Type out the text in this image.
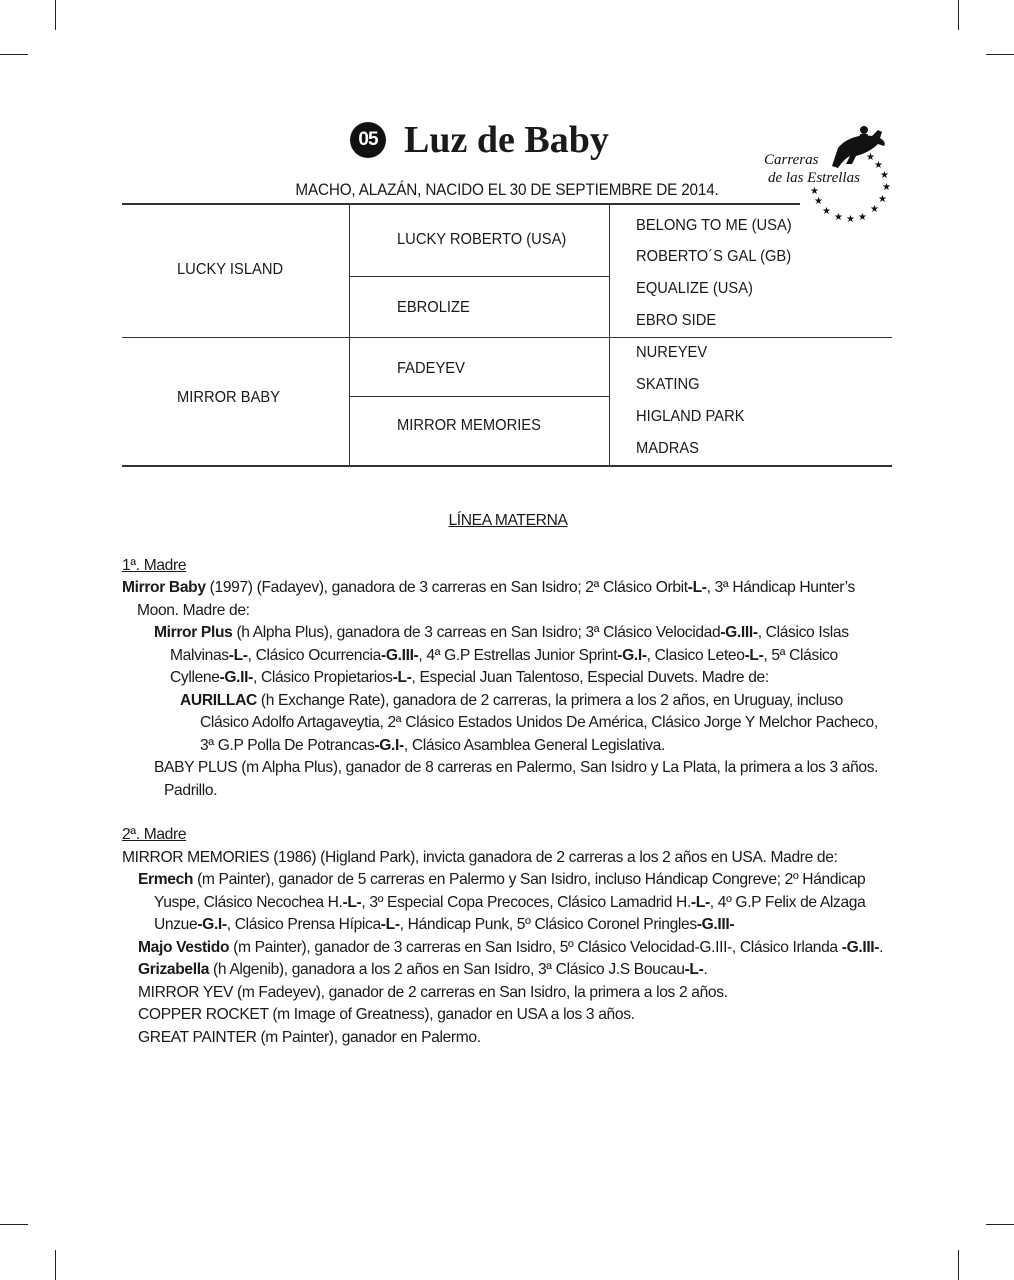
05 Luz de Baby	Carreras
de las Estrellas
★
★
★
★
★
★
★
★
★
★
★
★
MACHO, ALAZÁN, NACIDO EL 30 DE SEPTIEMBRE DE 2014.
LUCKY ISLAND
MIRROR BABY
LUCKY ROBERTO (USA)
EBROLIZE
FADEYEV
MIRROR MEMORIES
BELONG TO ME (USA)
ROBERTO´S GAL (GB)
EQUALIZE (USA)
EBRO SIDE
NUREYEV
SKATING
HIGLAND PARK
MADRAS

LÍNEA MATERNA

1ª. Madre

Mirror Baby (1997) (Fadayev), ganadora de 3 carreras en San Isidro; 2ª Clásico Orbit-L-, 3ª Hándicap Hunter’s Moon. Madre de:

Mirror Plus (h Alpha Plus), ganadora de 3 carreas en San Isidro; 3ª Clásico Velocidad-G.III-, Clásico Islas Malvinas-L-, Clásico Ocurrencia-G.III-, 4ª G.P Estrellas Junior Sprint-G.I-, Clasico Leteo-L-, 5ª Clásico Cyllene-G.II-, Clásico Propietarios-L-, Especial Juan Talentoso, Especial Duvets. Madre de:

AURILLAC (h Exchange Rate), ganadora de 2 carreras, la primera a los 2 años, en Uruguay, incluso Clásico Adolfo Artagaveytia, 2ª Clásico Estados Unidos De América, Clásico Jorge Y Melchor Pacheco, 3ª G.P Polla De Potrancas-G.I-, Clásico Asamblea General Legislativa.

BABY PLUS (m Alpha Plus), ganador de 8 carreras en Palermo, San Isidro y La Plata, la primera a los 3 años. Padrillo.

2ª. Madre

MIRROR MEMORIES (1986) (Higland Park), invicta ganadora de 2 carreras a los 2 años en USA. Madre de:

Ermech (m Painter), ganador de 5 carreras en Palermo y San Isidro, incluso Hándicap Congreve; 2º Hándicap Yuspe, Clásico Necochea H.-L-, 3º Especial Copa Precoces, Clásico Lamadrid H.-L-, 4º G.P Felix de Alzaga Unzue-G.I-, Clásico Prensa Hípica-L-, Hándicap Punk, 5º Clásico Coronel Pringles-G.III-

Majo Vestido (m Painter), ganador de 3 carreras en San Isidro, 5º Clásico Velocidad-G.III-, Clásico Irlanda -G.III-.

Grizabella (h Algenib), ganadora a los 2 años en San Isidro, 3ª Clásico J.S Boucau-L-.

MIRROR YEV (m Fadeyev), ganador de 2 carreras en San Isidro, la primera a los 2 años.

COPPER ROCKET (m Image of Greatness), ganador en USA a los 3 años.

GREAT PAINTER (m Painter), ganador en Palermo.
